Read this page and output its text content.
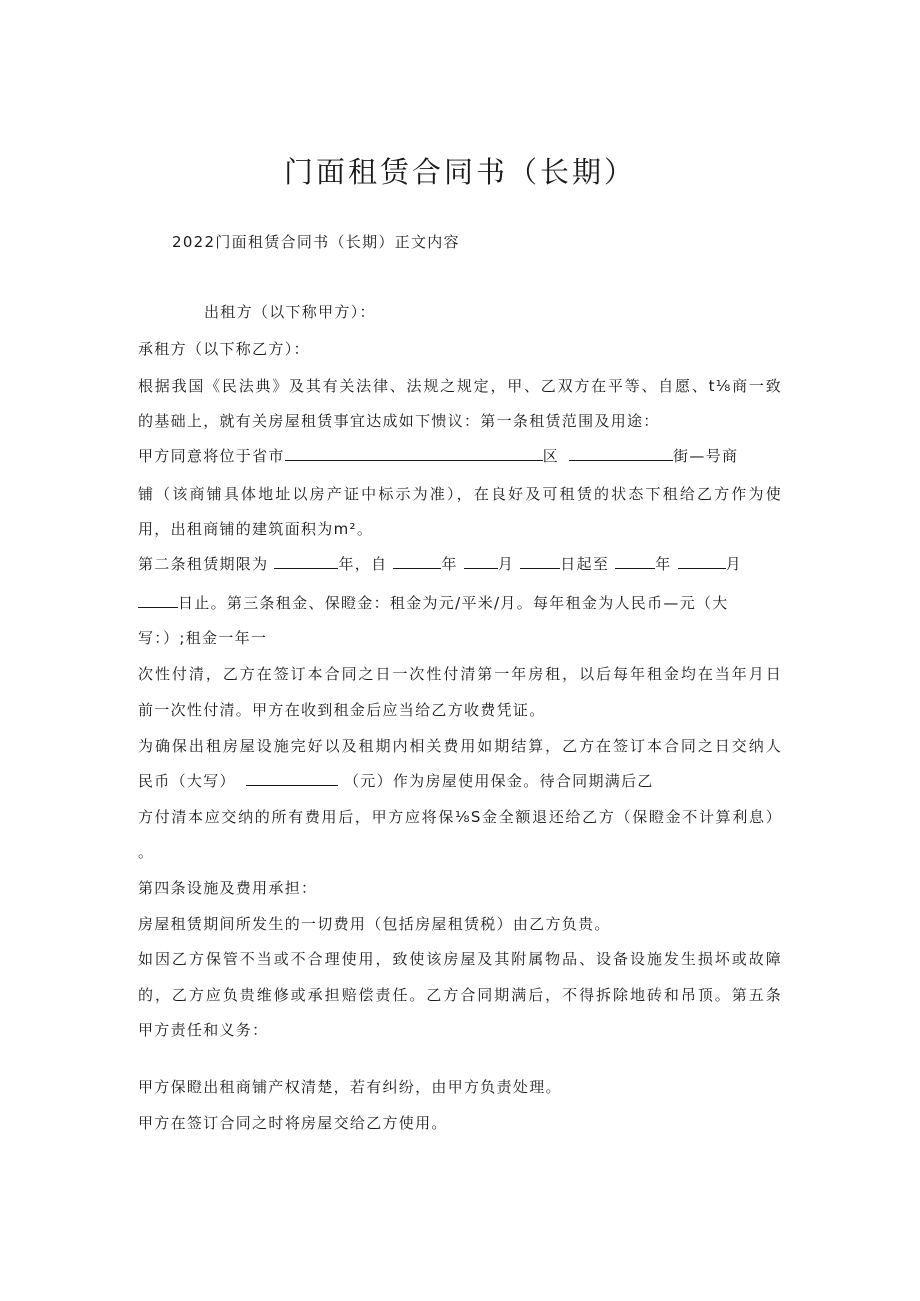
门面租赁合同书（长期）
2022门面租赁合同书（长期）正文内容
出租方（以下称甲方）：
承租方（以下称乙方）：
根据我国《民法典》及其有关法律、法规之规定，甲、乙双方在平等、自愿、t⅛商一致
的基础上，就有关房屋租赁事宜达成如下愦议：第一条租赁范围及用途：
甲方同意将位于省市	区	街—号商
铺（该商铺具体地址以房产证中标示为准），在良好及可租赁的状态下租给乙方作为使
用，出租商铺的建筑面积为m²。
第二条租赁期限为	年，自	年	月	日起至	年	月
日止。第三条租金、保瞪金：租金为元/平米/月。每年租金为人民币—元（大
写：）;租金一年一
次性付清，乙方在签订本合同之日一次性付清第一年房租，以后每年租金均在当年月日
前一次性付清。甲方在收到租金后应当给乙方收费凭证。
为确保出租房屋设施完好以及租期内相关费用如期结算，乙方在签订本合同之日交纳人
民币（大写）	（元）作为房屋使用保金。待合同期满后乙
方付清本应交纳的所有费用后，甲方应将保⅛S金全额退还给乙方（保瞪金不计算利息）
。
第四条设施及费用承担：
房屋租赁期间所发生的一切费用（包括房屋租赁税）由乙方负贵。
如因乙方保管不当或不合理使用，致使该房屋及其附属物品、设备设施发生损坏或故障
的，乙方应负贵维修或承担赔偿责任。乙方合同期满后，不得拆除地砖和吊顶。第五条
甲方责任和义务：
甲方保瞪出租商铺产权清楚，若有纠纷，由甲方负责处理。
甲方在签订合同之时将房屋交给乙方使用。
